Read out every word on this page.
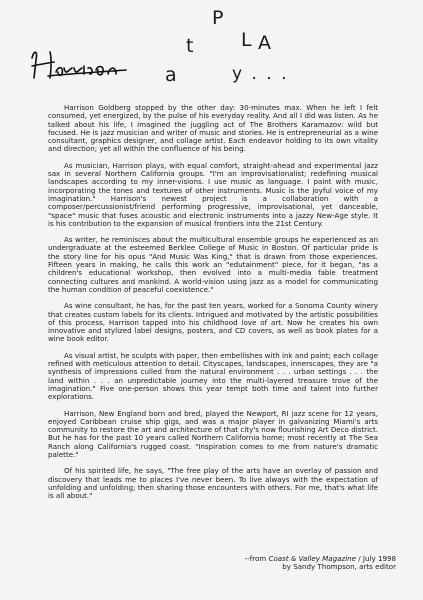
P
t
a
A
L
y . . .

Harrison Goldberg stopped by the other day: 30-minutes max. When he left I felt consumed, yet energized, by the pulse of his everyday reality. And all I did was listen. As he talked about his life, I imagined the juggling act of The Brothers Karamazov: wild but focused. He is jazz musician and writer of music and stories. He is entrepreneurial as a wine consultant, graphics designer, and collage artist. Each endeavor holding to its own vitality and direction; yet all within the confluence of his being.

As musician, Harrison plays, with equal comfort, straight-ahead and experimental jazz sax in several Northern California groups. "I'm an improvisationalist; redefining musical landscapes according to my inner-visions. I use music as language. I paint with music, incorporating the tones and textures of other instruments. Music is the joyful voice of my imagination." Harrison's newest project is a collaboration with a composer/percussionist/friend performing progressive, improvisational, yet danceable, "space" music that fuses acoustic and electronic instruments into a jazzy New-Age style. It is his contribution to the expansion of musical frontiers into the 21st Century.

As writer, he reminisces about the multicultural ensemble groups he experienced as an undergraduate at the esteemed Berklee College of Music in Boston. Of particular pride is the story line for his opus "And Music Was King," that is drawn from those experiences. Fifteen years in making, he calls this work an "edutainment" piece, for it began, "as a children's educational workshop, then evolved into a multi-media fable treatment connecting cultures and mankind. A world-vision using jazz as a model for communicating the human condition of peaceful coexistence."

As wine consultant, he has, for the past ten years, worked for a Sonoma County winery that creates custom labels for its clients. Intrigued and motivated by the artistic possibilities of this process, Harrison tapped into his childhood love of art. Now he creates his own innovative and stylized label designs, posters, and CD covers, as well as book plates for a wine book editor.

As visual artist, he sculpts with paper, then embellishes with ink and paint; each collage refined with meticulous attention to detail. Cityscapes, landscapes, innerscapes, they are "a synthesis of impressions culled from the natural environment . . . urban settings . . . the land within . . . an unpredictable journey into the multi-layered treasure trove of the imagination." Five one-person shows this year tempt both time and talent into further explorations.

Harrison, New England born and bred, played the Newport, RI jazz scene for 12 years, enjoyed Caribbean cruise ship gigs, and was a major player in galvanizing Miami's arts community to restore the art and architecture of that city's now flourishing Art Deco district. But he has for the past 10 years called Northern California home; most recently at The Sea Ranch along California's rugged coast. "Inspiration comes to me from nature's dramatic palette."

Of his spirited life, he says, "The free play of the arts have an overlay of passion and discovery that leads me to places I've never been. To live always with the expectation of unfolding and unfolding; then sharing those encounters with others. For me, that's what life is all about."

--from Coast & Valley Magazine / July 1998
by Sandy Thompson, arts editor
